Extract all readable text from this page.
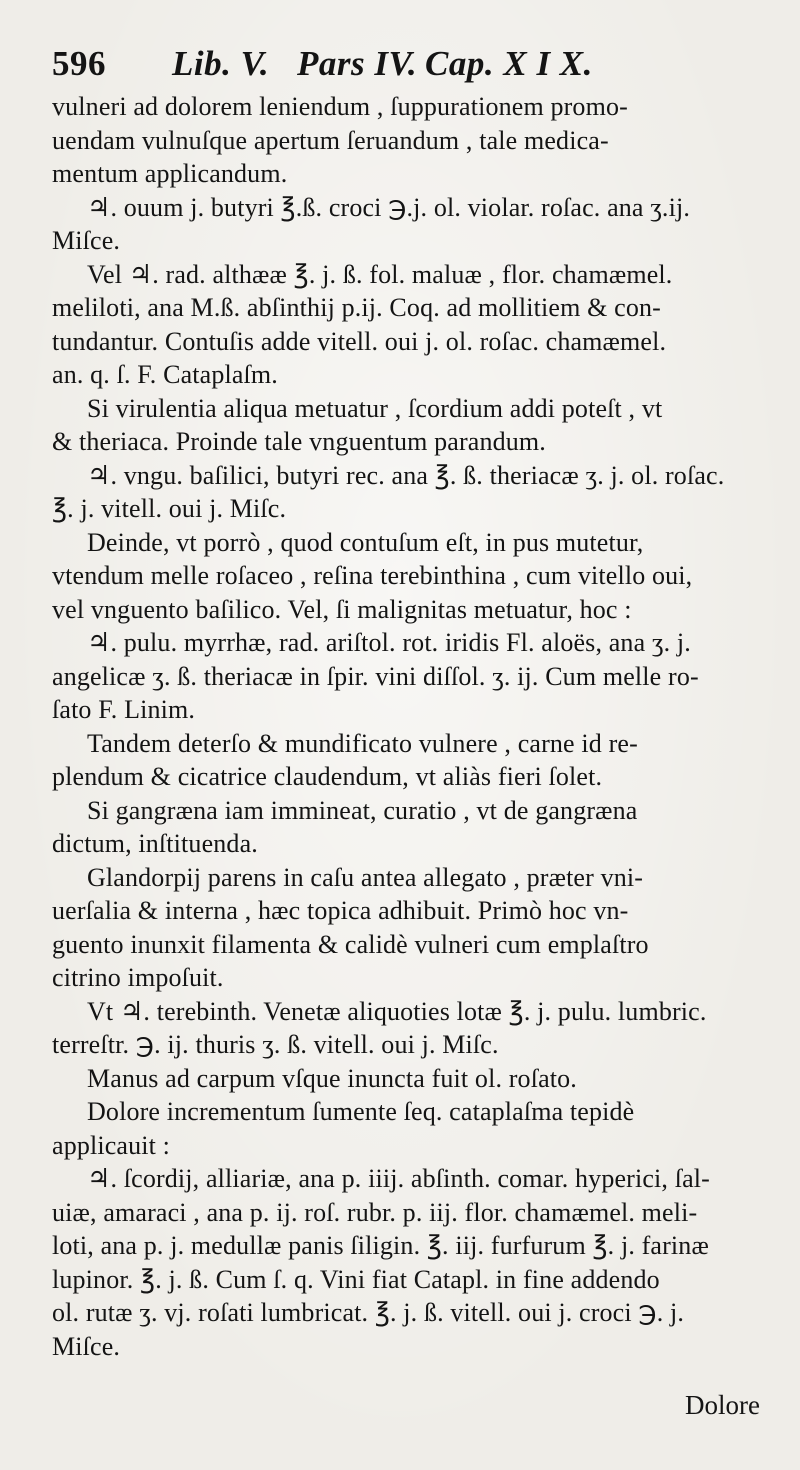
596	Lib. V. Pars IV. Cap. X I X.
vulneri ad dolorem leniendum , ſuppurationem promo-
uendam vulnuſque apertum ſeruandum , tale medica-
mentum applicandum.
♃. ouum j. butyri ℥.ß. croci ℈.j. ol. violar. roſac. ana ʒ.ij.
Miſce.
Vel ♃. rad. althææ ℥. j. ß. fol. maluæ , flor. chamæmel.
meliloti, ana M.ß. abſinthij p.ij. Coq. ad mollitiem & con-
tundantur. Contuſis adde vitell. oui j. ol. roſac. chamæmel.
an. q. ſ. F. Cataplaſm.
Si virulentia aliqua metuatur , ſcordium addi poteſt , vt
& theriaca. Proinde tale vnguentum parandum.
♃. vngu. baſilici, butyri rec. ana ℥. ß. theriacæ ʒ. j. ol. roſac.
℥. j. vitell. oui j. Miſc.
Deinde, vt porrò , quod contuſum eſt, in pus mutetur,
vtendum melle roſaceo , reſina terebinthina , cum vitello oui,
vel vnguento baſilico. Vel, ſi malignitas metuatur, hoc :
♃. pulu. myrrhæ, rad. ariſtol. rot. iridis Fl. aloës, ana ʒ. j.
angelicæ ʒ. ß. theriacæ in ſpir. vini diſſol. ʒ. ij. Cum melle ro-
ſato F. Linim.
Tandem deterſo & mundificato vulnere , carne id re-
plendum & cicatrice claudendum, vt aliàs fieri ſolet.
Si gangræna iam immineat, curatio , vt de gangræna
dictum, inſtituenda.
Glandorpij parens in caſu antea allegato , præter vni-
uerſalia & interna , hæc topica adhibuit. Primò hoc vn-
guento inunxit filamenta & calidè vulneri cum emplaſtro
citrino impoſuit.
Vt ♃. terebinth. Venetæ aliquoties lotæ ℥. j. pulu. lumbric.
terreſtr. ℈. ij. thuris ʒ. ß. vitell. oui j. Miſc.
Manus ad carpum vſque inuncta fuit ol. roſato.
Dolore incrementum ſumente ſeq. cataplaſma tepidè
applicauit :
♃. ſcordij, alliariæ, ana p. iiij. abſinth. comar. hyperici, ſal-
uiæ, amaraci , ana p. ij. roſ. rubr. p. iij. flor. chamæmel. meli-
loti, ana p. j. medullæ panis ſiligin. ℥. iij. furfurum ℥. j. farinæ
lupinor. ℥. j. ß. Cum ſ. q. Vini fiat Catapl. in fine addendo
ol. rutæ ʒ. vj. roſati lumbricat. ℥. j. ß. vitell. oui j. croci ℈. j.
Miſce.
Dolore
